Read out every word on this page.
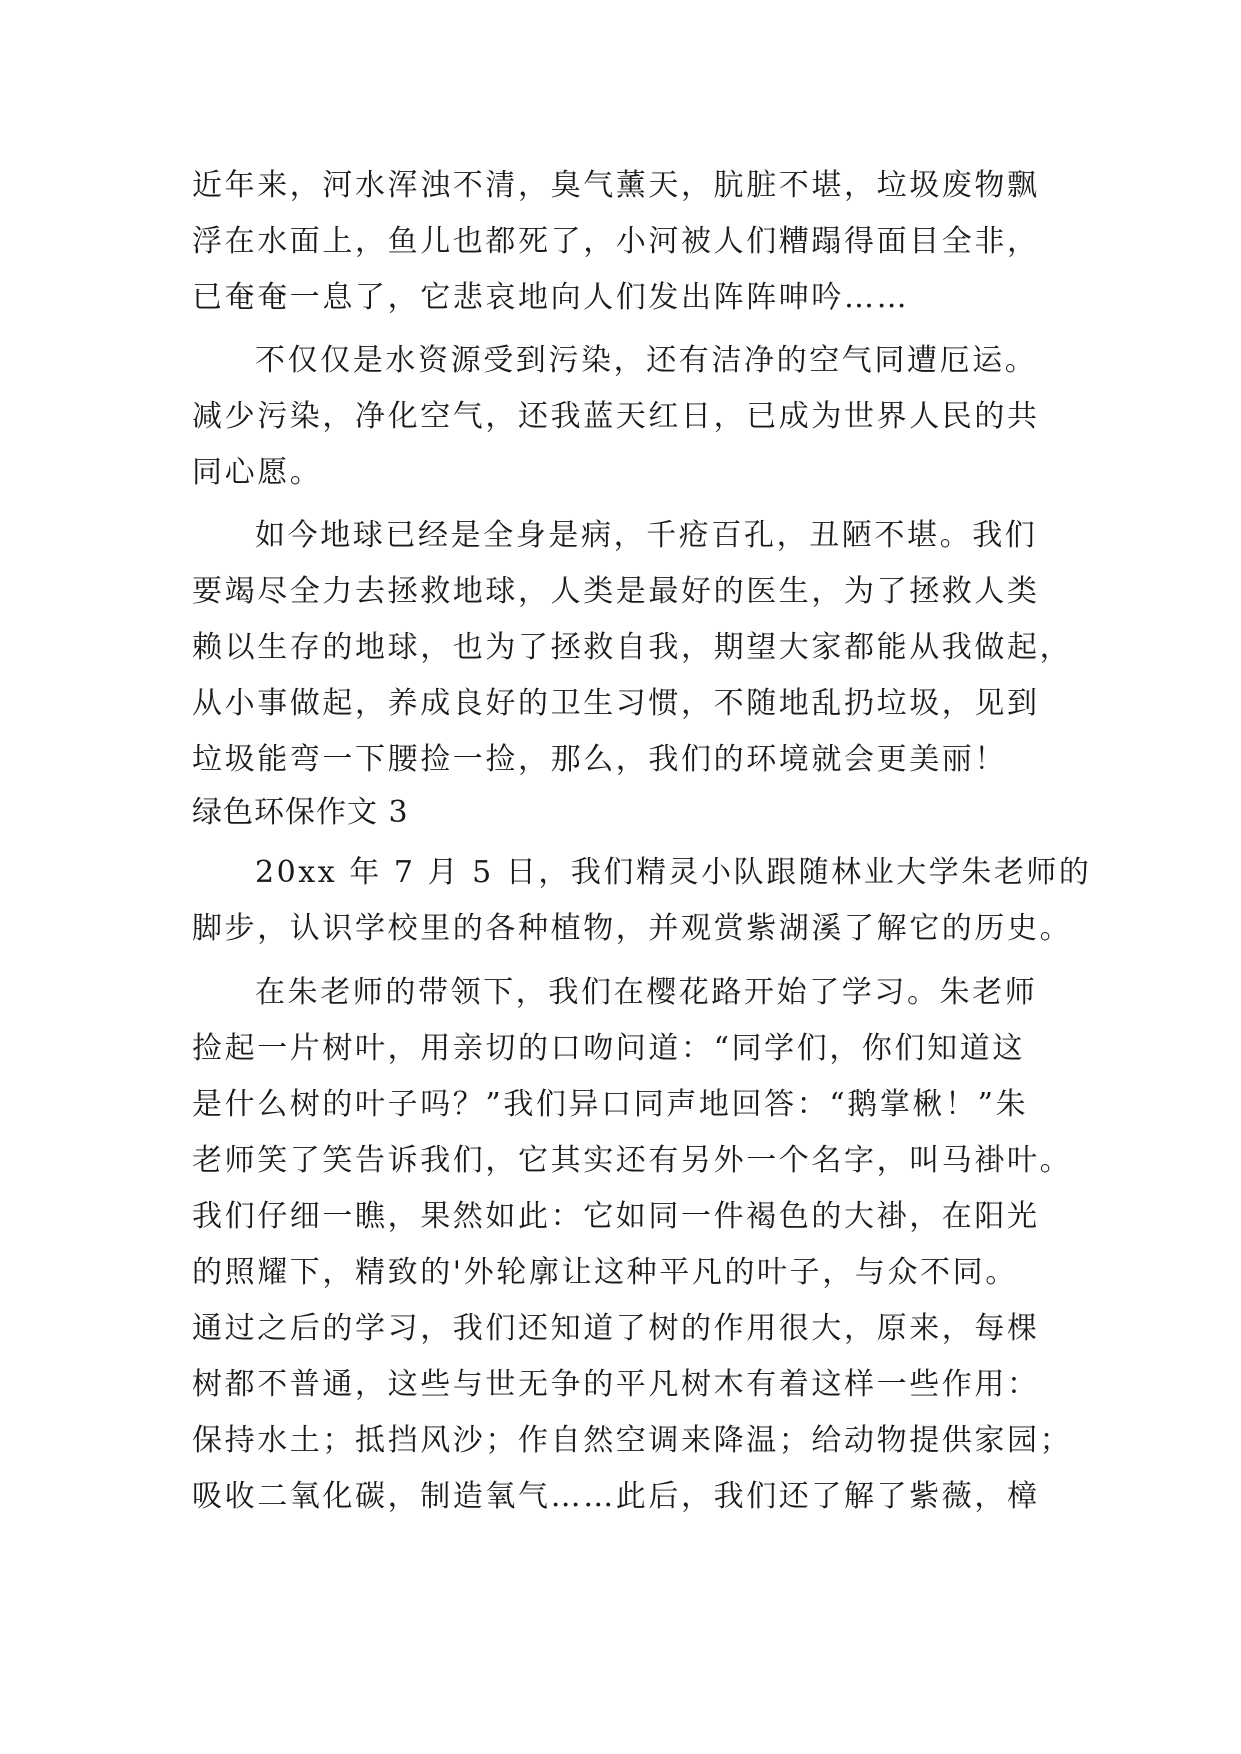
近年来，河水浑浊不清，臭气薰天，肮脏不堪，垃圾废物飘
浮在水面上，鱼儿也都死了，小河被人们糟蹋得面目全非，
已奄奄一息了，它悲哀地向人们发出阵阵呻吟……
不仅仅是水资源受到污染，还有洁净的空气同遭厄运。
减少污染，净化空气，还我蓝天红日，已成为世界人民的共
同心愿。
如今地球已经是全身是病，千疮百孔，丑陋不堪。我们
要竭尽全力去拯救地球，人类是最好的医生，为了拯救人类
赖以生存的地球，也为了拯救自我，期望大家都能从我做起，
从小事做起，养成良好的卫生习惯，不随地乱扔垃圾，见到
垃圾能弯一下腰捡一捡，那么，我们的环境就会更美丽！
绿色环保作文 3
20xx 年 7 月 5 日，我们精灵小队跟随林业大学朱老师的
脚步，认识学校里的各种植物，并观赏紫湖溪了解它的历史。
在朱老师的带领下，我们在樱花路开始了学习。朱老师
捡起一片树叶，用亲切的口吻问道：“同学们，你们知道这
是什么树的叶子吗？”我们异口同声地回答：“鹅掌楸！”朱
老师笑了笑告诉我们，它其实还有另外一个名字，叫马褂叶。
我们仔细一瞧，果然如此：它如同一件褐色的大褂，在阳光
的照耀下，精致的'外轮廓让这种平凡的叶子，与众不同。
通过之后的学习，我们还知道了树的作用很大，原来，每棵
树都不普通，这些与世无争的平凡树木有着这样一些作用：
保持水土；抵挡风沙；作自然空调来降温；给动物提供家园；
吸收二氧化碳，制造氧气……此后，我们还了解了紫薇，樟
